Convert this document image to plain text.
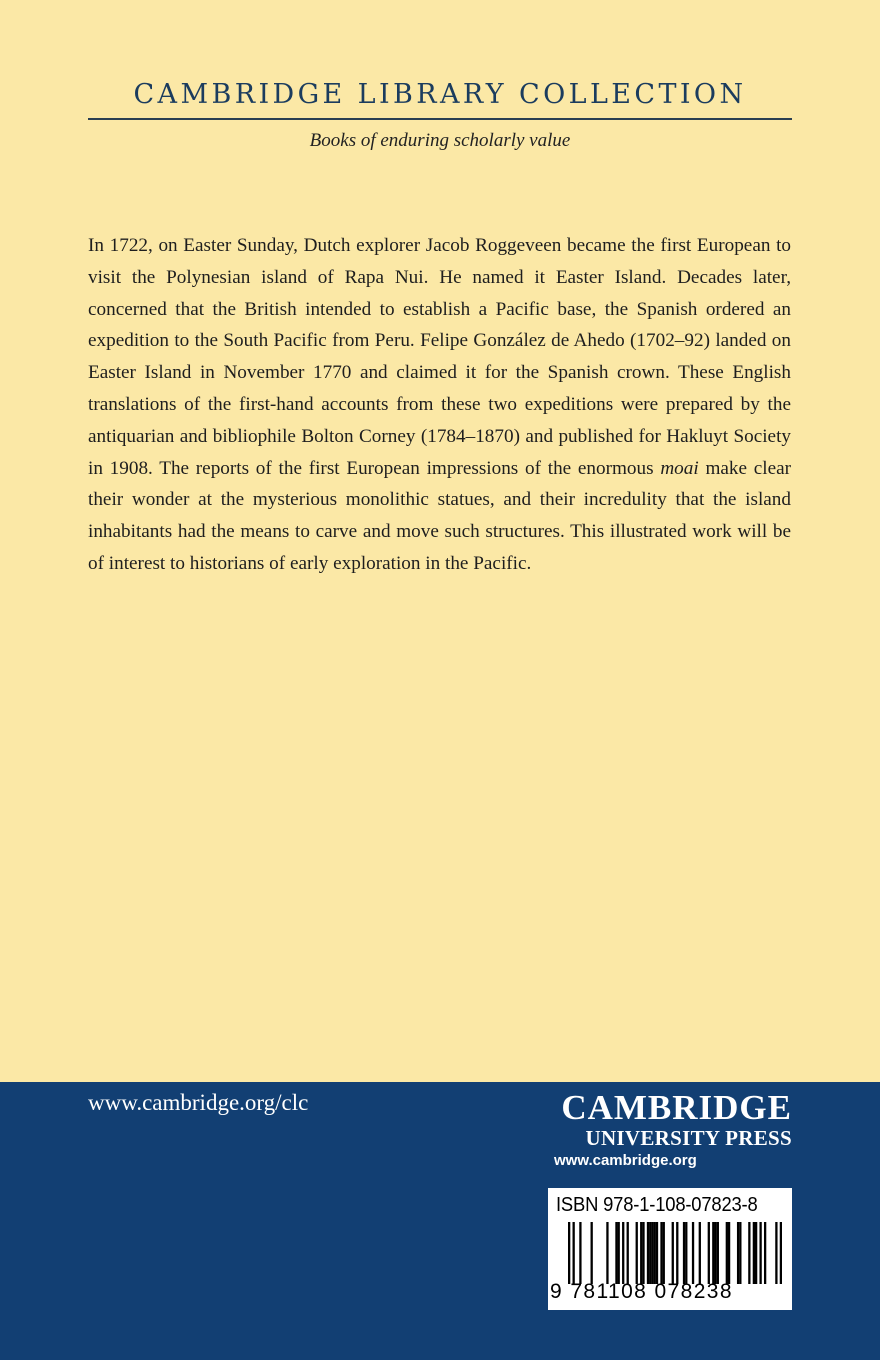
CAMBRIDGE LIBRARY COLLECTION
Books of enduring scholarly value
In 1722, on Easter Sunday, Dutch explorer Jacob Roggeveen became the first European to visit the Polynesian island of Rapa Nui. He named it Easter Island. Decades later, concerned that the British intended to establish a Pacific base, the Spanish ordered an expedition to the South Pacific from Peru. Felipe González de Ahedo (1702–92) landed on Easter Island in November 1770 and claimed it for the Spanish crown. These English translations of the first-hand accounts from these two expeditions were prepared by the antiquarian and bibliophile Bolton Corney (1784–1870) and published for Hakluyt Society in 1908. The reports of the first European impressions of the enormous moai make clear their wonder at the mysterious monolithic statues, and their incredulity that the island inhabitants had the means to carve and move such structures. This illustrated work will be of interest to historians of early exploration in the Pacific.
www.cambridge.org/clc	CAMBRIDGE
UNIVERSITY PRESS
www.cambridge.org
ISBN 978-1-108-07823-8
9 781108 078238
